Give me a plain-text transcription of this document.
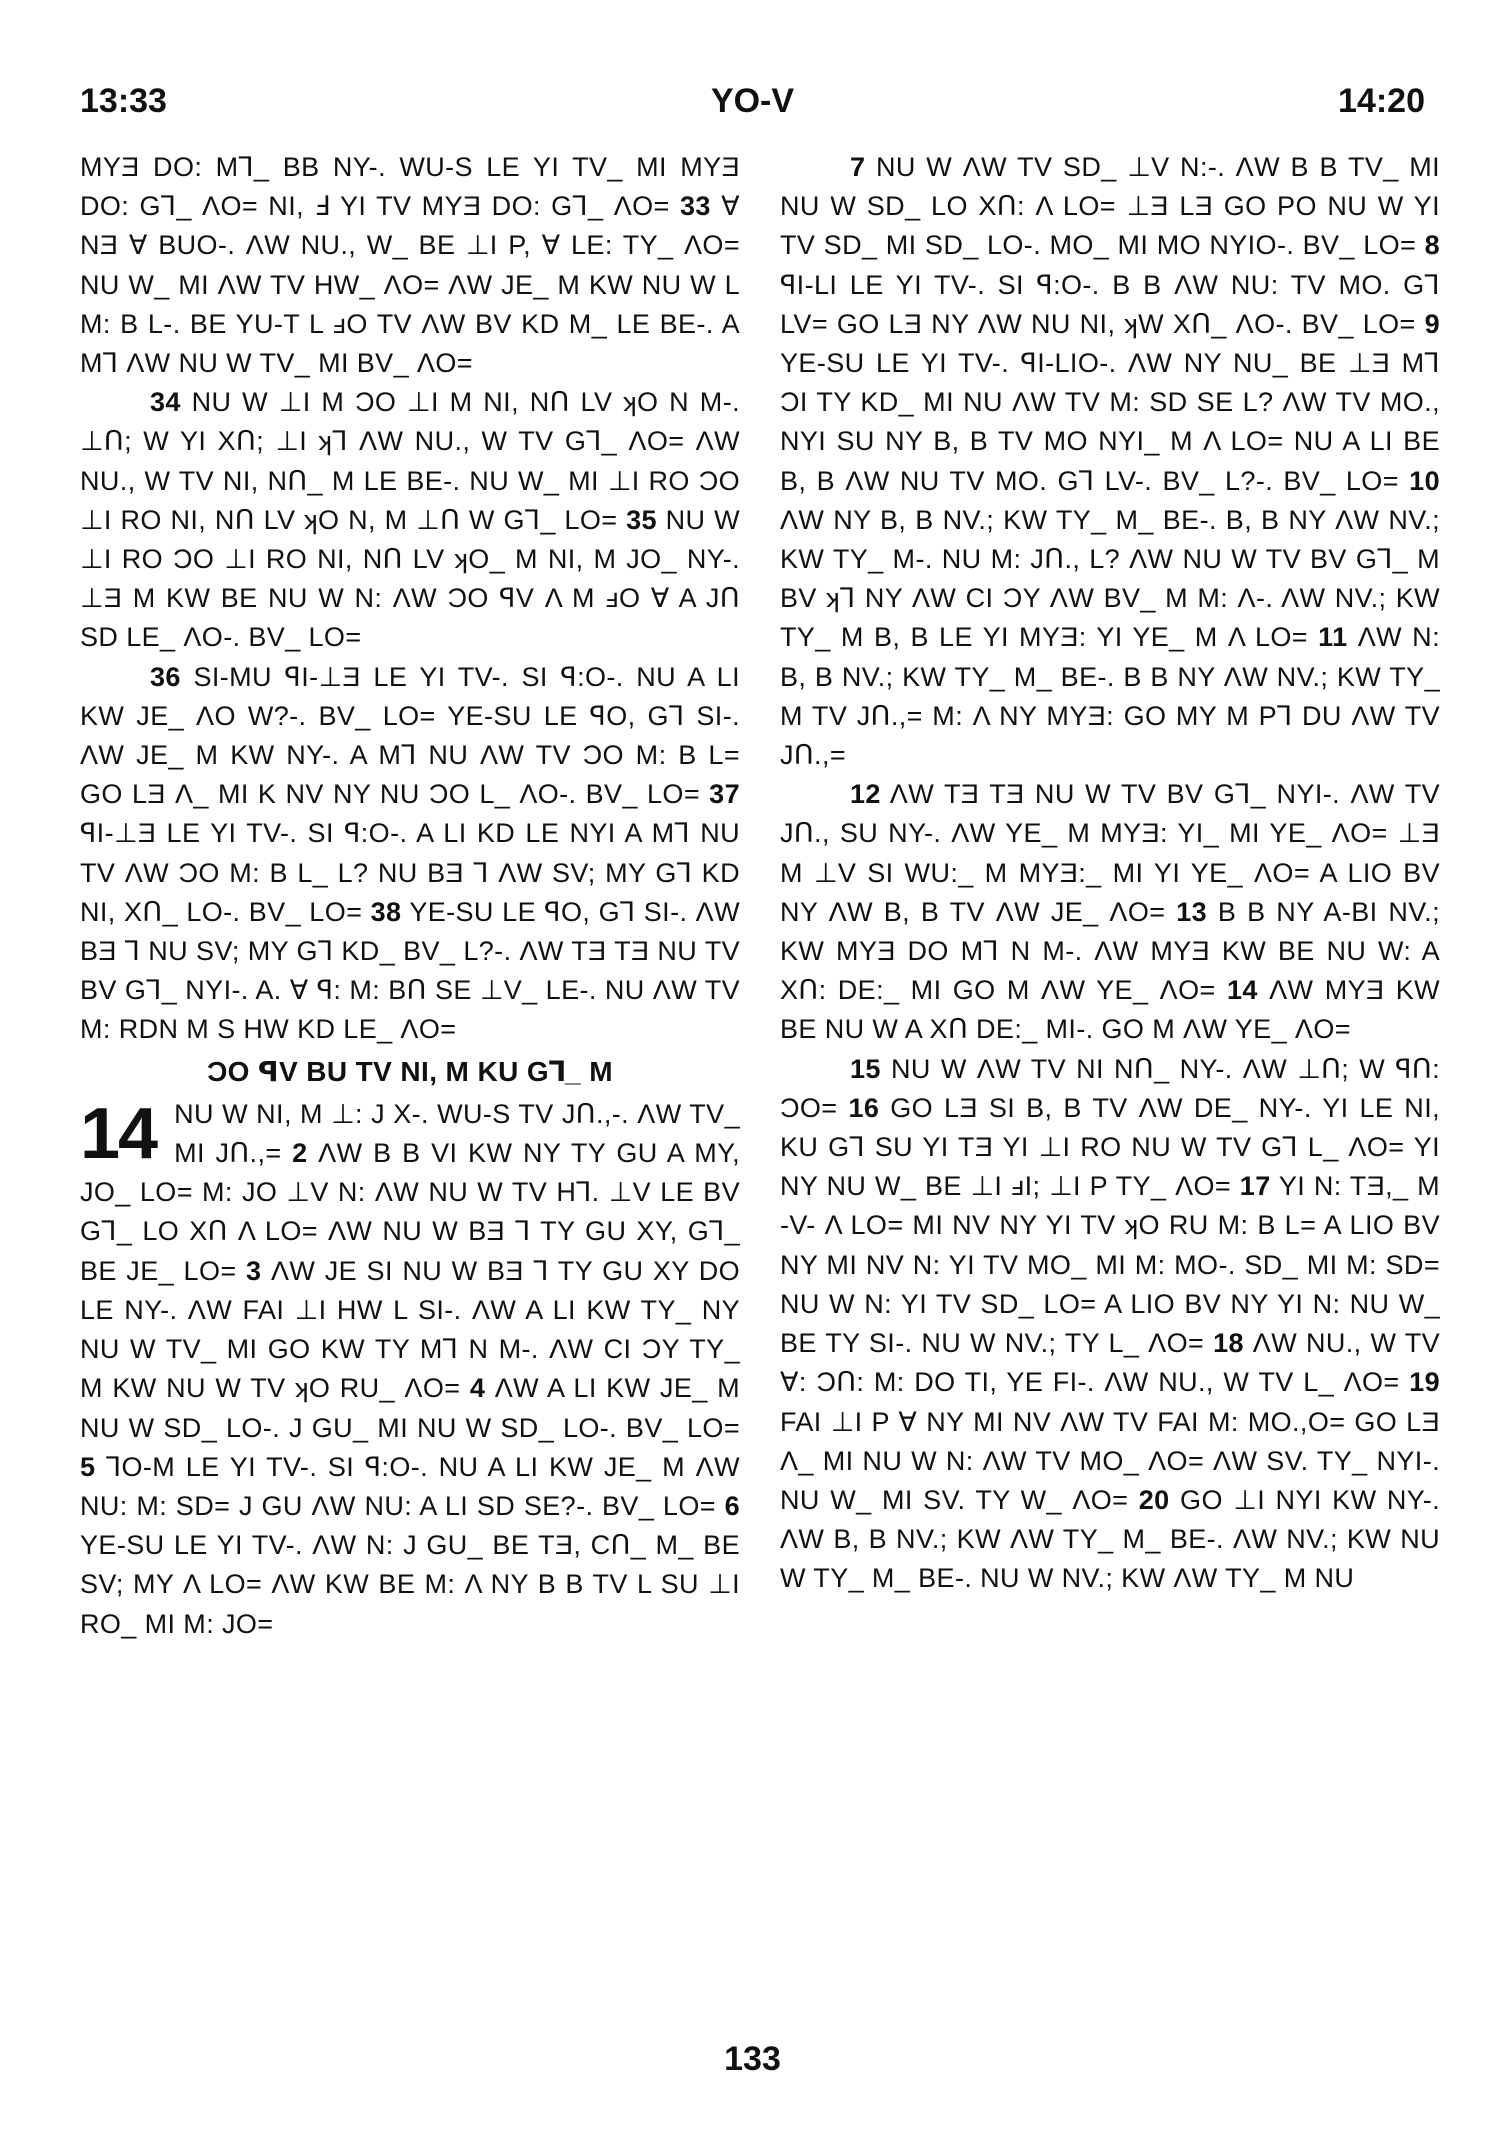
13:33	YO-V	14:20

MYƎ DO: M⅂_ BB NY-. WU-S LE YI TV_ MI MYƎ DO: G⅂_ ΛO= NI, Ⅎ YI TV MYƎ DO: G⅂_ ΛO= 33 Ɐ NƎ Ɐ BUO-. ΛW NU., W_ BE ⊥I P, Ɐ LE: TY_ ΛO= NU W_ MI ΛW TV HW_ ΛO= ΛW JE_ M KW NU W L M: B L-. BE YU-T L ⅎO TV ΛW BV KD M_ LE BE-. A M⅂ ΛW NU W TV_ MI BV_ ΛO=

34 NU W ⊥I M ƆO ⊥I M NI, NՈ LV ʞO N M-. ⊥Ո; W YI XՈ; ⊥I ʞ⅂ ΛW NU., W TV G⅂_ ΛO= ΛW NU., W TV NI, NՈ_ M LE BE-. NU W_ MI ⊥I RO ƆO ⊥I RO NI, NՈ LV ʞO N, M ⊥Ո W G⅂_ LO= 35 NU W ⊥I RO ƆO ⊥I RO NI, NՈ LV ʞO_ M NI, M JO_ NY-. ⊥Ǝ M KW BE NU W N: ΛW ƆO ꟼV Λ M ⅎO Ɐ A JՈ SD LE_ ΛO-. BV_ LO=

36 SI-MU ꟼI-⊥Ǝ LE YI TV-. SI ꟼ:O-. NU A LI KW JE_ ΛO W?-. BV_ LO= YE-SU LE ꟼO, G⅂ SI-. ΛW JE_ M KW NY-. A M⅂ NU ΛW TV ƆO M: B L= GO LƎ Λ_ MI K NV NY NU ƆO L_ ΛO-. BV_ LO= 37 ꟼI-⊥Ǝ LE YI TV-. SI ꟼ:O-. A LI KD LE NYI A M⅂ NU TV ΛW ƆO M: B L_ L? NU BƎ ⅂ ΛW SV; MY G⅂ KD NI, XՈ_ LO-. BV_ LO= 38 YE-SU LE ꟼO, G⅂ SI-. ΛW BƎ ⅂ NU SV; MY G⅂ KD_ BV_ L?-. ΛW TƎ TƎ NU TV BV G⅂_ NYI-. A. Ɐ ꟼ: M: BՈ SE ⊥V_ LE-. NU ΛW TV M: RDN M S HW KD LE_ ΛO=

ƆO ꟼV BU TV NI, M KU G⅂_ M
14 NU W NI, M ⊥: J X-. WU-S TV JՈ.,-. ΛW TV_ MI JՈ.,= 2 ΛW B B VI KW NY TY GU A MY, JO_ LO= M: JO ⊥V N: ΛW NU W TV H⅂. ⊥V LE BV G⅂_ LO XՈ Λ LO= ΛW NU W BƎ ⅂ TY GU XY, G⅂_ BE JE_ LO= 3 ΛW JE SI NU W BƎ ⅂ TY GU XY DO LE NY-. ΛW FAI ⊥I HW L SI-. ΛW A LI KW TY_ NY NU W TV_ MI GO KW TY M⅂ N M-. ΛW CI ƆY TY_ M KW NU W TV ʞO RU_ ΛO= 4 ΛW A LI KW JE_ M NU W SD_ LO-. J GU_ MI NU W SD_ LO-. BV_ LO= 5 ⅂O-M LE YI TV-. SI ꟼ:O-. NU A LI KW JE_ M ΛW NU: M: SD= J GU ΛW NU: A LI SD SE?-. BV_ LO= 6 YE-SU LE YI TV-. ΛW N: J GU_ BE TƎ, CՈ_ M_ BE SV; MY Λ LO= ΛW KW BE M: Λ NY B B TV L SU ⊥I RO_ MI M: JO=

7 NU W ΛW TV SD_ ⊥V N:-. ΛW B B TV_ MI NU W SD_ LO XՈ: Λ LO= ⊥Ǝ LƎ GO PO NU W YI TV SD_ MI SD_ LO-. MO_ MI MO NYIO-. BV_ LO= 8 ꟼI-LI LE YI TV-. SI ꟼ:O-. B B ΛW NU: TV MO. G⅂ LV= GO LƎ NY ΛW NU NI, ʞW XՈ_ ΛO-. BV_ LO= 9 YE-SU LE YI TV-. ꟼI-LIO-. ΛW NY NU_ BE ⊥Ǝ M⅂ ƆI TY KD_ MI NU ΛW TV M: SD SE L? ΛW TV MO., NYI SU NY B, B TV MO NYI_ M Λ LO= NU A LI BE B, B ΛW NU TV MO. G⅂ LV-. BV_ L?-. BV_ LO= 10 ΛW NY B, B NV.; KW TY_ M_ BE-. B, B NY ΛW NV.; KW TY_ M-. NU M: JՈ., L? ΛW NU W TV BV G⅂_ M BV ʞ⅂ NY ΛW CI ƆY ΛW BV_ M M: Λ-. ΛW NV.; KW TY_ M B, B LE YI MYƎ: YI YE_ M Λ LO= 11 ΛW N: B, B NV.; KW TY_ M_ BE-. B B NY ΛW NV.; KW TY_ M TV JՈ.,= M: Λ NY MYƎ: GO MY M P⅂ DU ΛW TV JՈ.,=

12 ΛW TƎ TƎ NU W TV BV G⅂_ NYI-. ΛW TV JՈ., SU NY-. ΛW YE_ M MYƎ: YI_ MI YE_ ΛO= ⊥Ǝ M ⊥V SI WU:_ M MYƎ:_ MI YI YE_ ΛO= A LIO BV NY ΛW B, B TV ΛW JE_ ΛO= 13 B B NY A-BI NV.; KW MYƎ DO M⅂ N M-. ΛW MYƎ KW BE NU W: A XՈ: DE:_ MI GO M ΛW YE_ ΛO= 14 ΛW MYƎ KW BE NU W A XՈ DE:_ MI-. GO M ΛW YE_ ΛO=

15 NU W ΛW TV NI NՈ_ NY-. ΛW ⊥Ո; W ꟼՈ: ƆO= 16 GO LƎ SI B, B TV ΛW DE_ NY-. YI LE NI, KU G⅂ SU YI TƎ YI ⊥I RO NU W TV G⅂ L_ ΛO= YI NY NU W_ BE ⊥I ⅎI; ⊥I P TY_ ΛO= 17 YI N: TƎ,_ M -V- Λ LO= MI NV NY YI TV ʞO RU M: B L= A LIO BV NY MI NV N: YI TV MO_ MI M: MO-. SD_ MI M: SD= NU W N: YI TV SD_ LO= A LIO BV NY YI N: NU W_ BE TY SI-. NU W NV.; TY L_ ΛO= 18 ΛW NU., W TV Ɐ: ƆՈ: M: DO TI, YE FI-. ΛW NU., W TV L_ ΛO= 19 FAI ⊥I P Ɐ NY MI NV ΛW TV FAI M: MO.,O= GO LƎ Λ_ MI NU W N: ΛW TV MO_ ΛO= ΛW SV. TY_ NYI-. NU W_ MI SV. TY W_ ΛO= 20 GO ⊥I NYI KW NY-. ΛW B, B NV.; KW ΛW TY_ M_ BE-. ΛW NV.; KW NU W TY_ M_ BE-. NU W NV.; KW ΛW TY_ M NU

133
